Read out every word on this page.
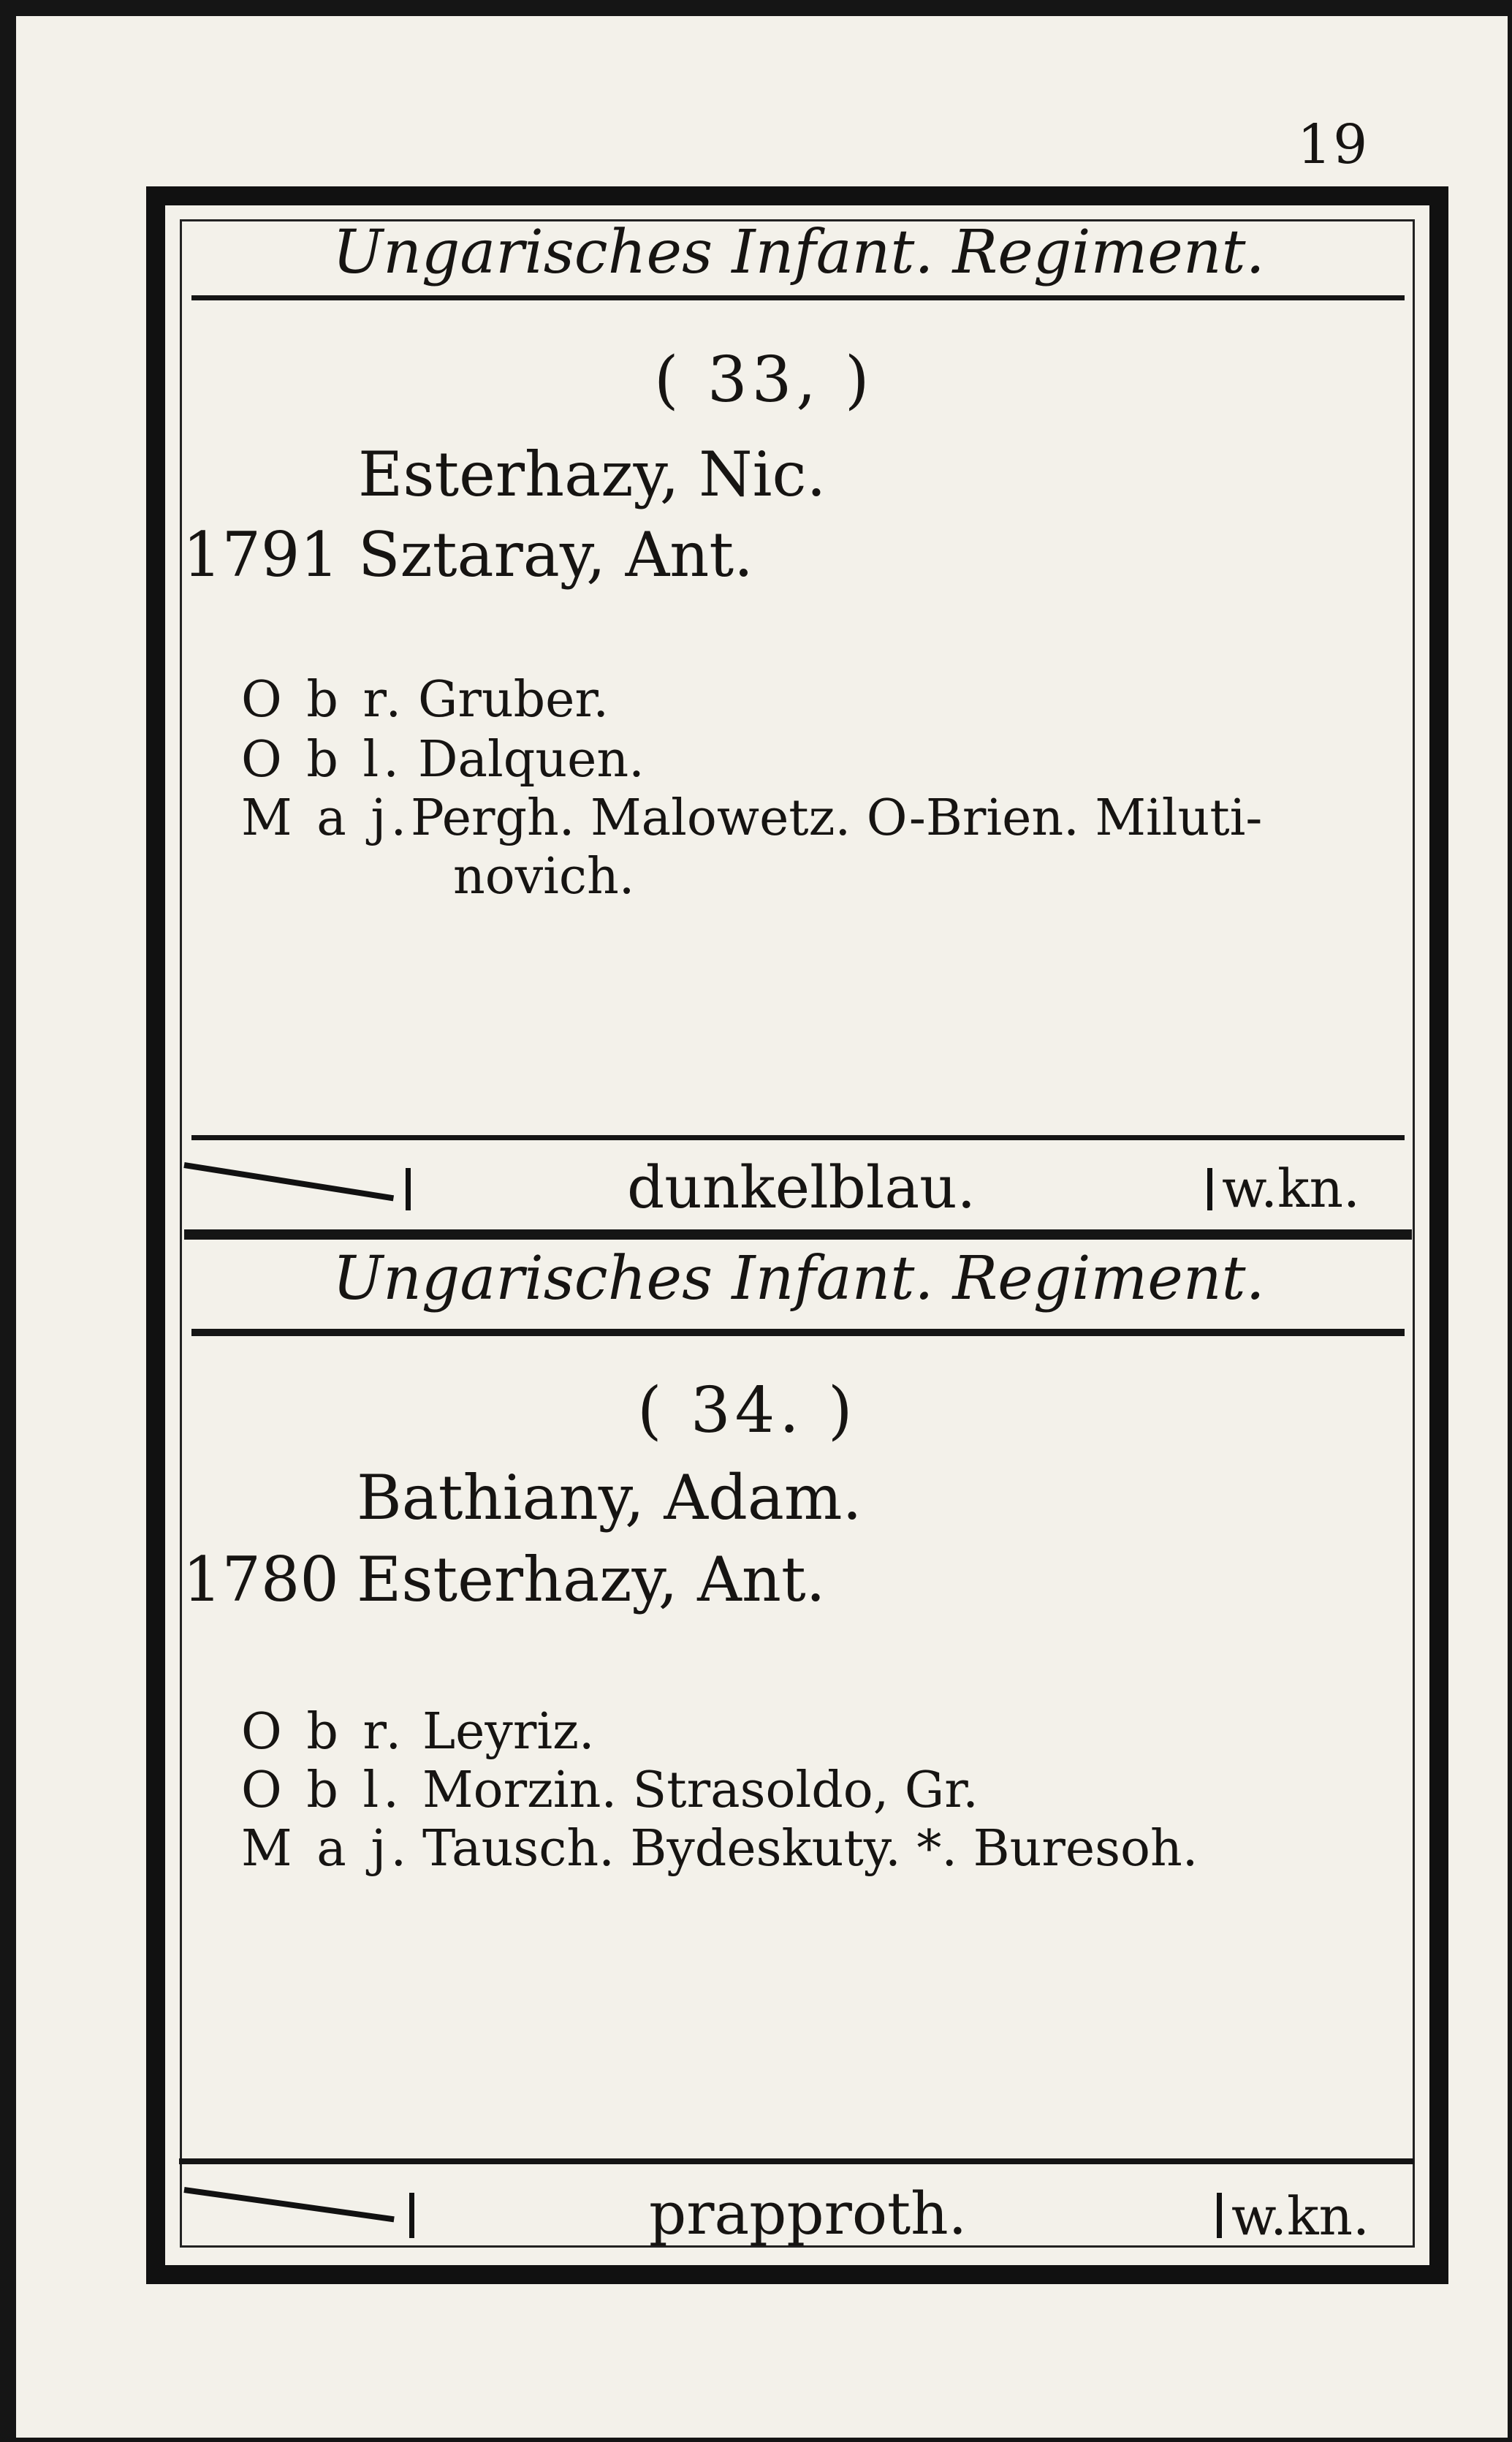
19
Ungarisches Infant. Regiment.
( 33, )
Esterhazy, Nic.
1791 Sztaray, Ant.
O b r. Gruber.
O b l. Dalquen.
M a j. Pergh. Malowetz. O-Brien. Miluti-
novich.
dunkelblau.	w.kn.
Ungarisches Infant. Regiment.
( 34. )
Bathiany, Adam.
1780 Esterhazy, Ant.
O b r. Leyriz.
O b l. Morzin. Strasoldo, Gr.
M a j. Tausch. Bydeskuty. *. Buresoh.
prapproth.	w.kn.
